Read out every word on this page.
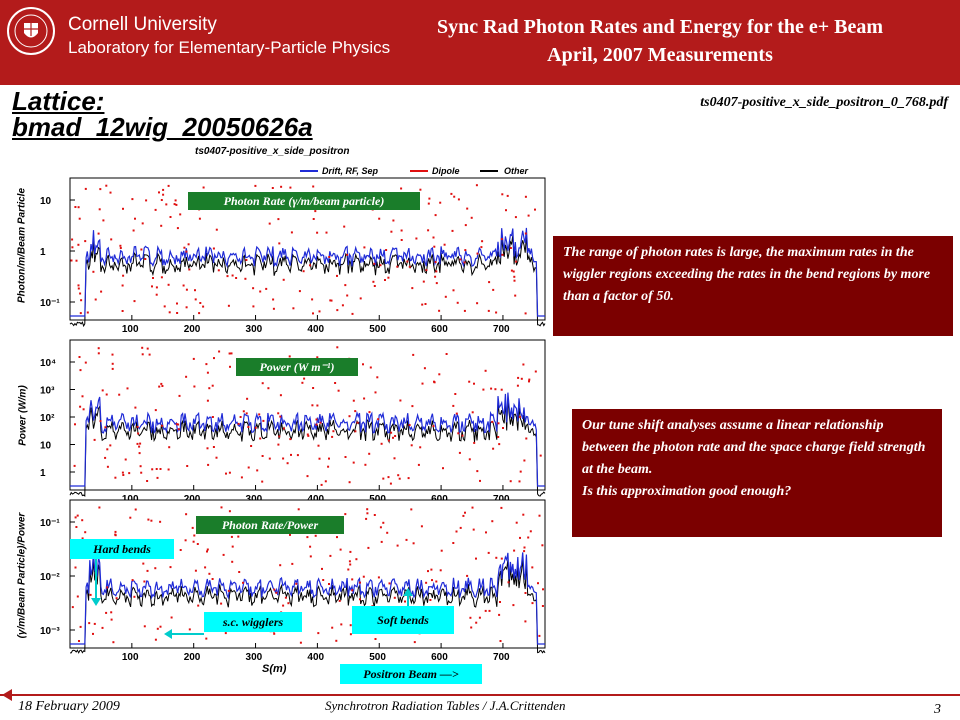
Cornell University
Laboratory for Elementary-Particle Physics
Sync Rad Photon Rates and Energy for the e+ Beam
April, 2007 Measurements
Lattice:
bmad_12wig_20050626a
ts0407-positive_x_side_positron_0_768.pdf
ts0407-positive_x_side_positron
Drift, RF, Sep	Dipole	Other
100	200	300	400	500	600	700
10
1
10⁻¹
10⁴
10³
10²
10
1
100	200	300	400	500	600	700
10⁻¹
10⁻²
10⁻³
S(m)
Photon/m/Beam Particle
Power (W/m)
(γ/m/Beam Particle)/Power
Photon Rate (γ/m/beam particle)
Power (W m⁻¹)
Photon Rate/Power
Hard bends
s.c. wigglers	Soft bends
Positron Beam —>
The range of photon rates is large, the maximum rates in the wiggler regions exceeding the rates in the bend regions by more than a factor of 50.
Our tune shift analyses assume a linear relationship between the photon rate and the space charge field strength at the beam.
Is this approximation good enough?
18 February 2009	Synchrotron Radiation Tables / J.A.Crittenden	3
